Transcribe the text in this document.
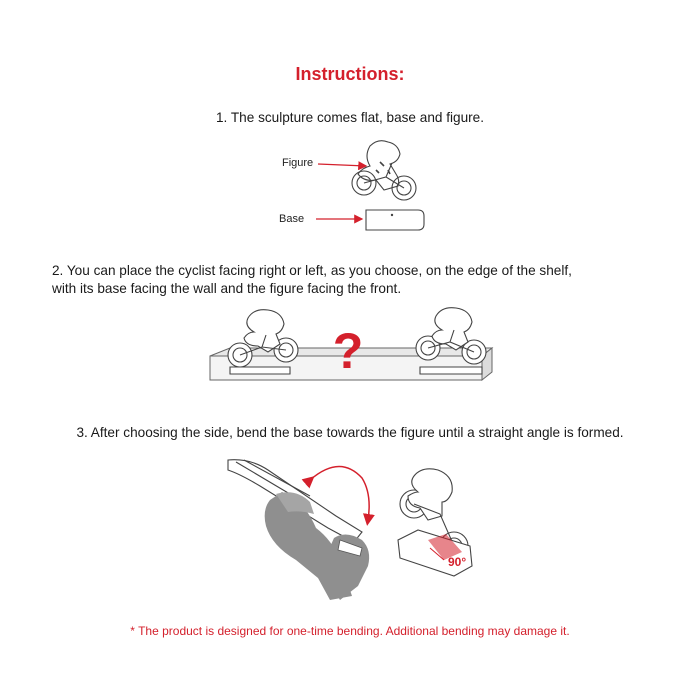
Instructions:
1. The sculpture comes flat, base and figure.
Figure
Base
2. You can place the cyclist facing right or left, as you choose, on the edge of the shelf,
with its base facing the wall and the figure facing the front.
?
3. After choosing the side, bend the base towards the figure until a straight angle is formed.
90°
* The product is designed for one-time bending. Additional bending may damage it.
